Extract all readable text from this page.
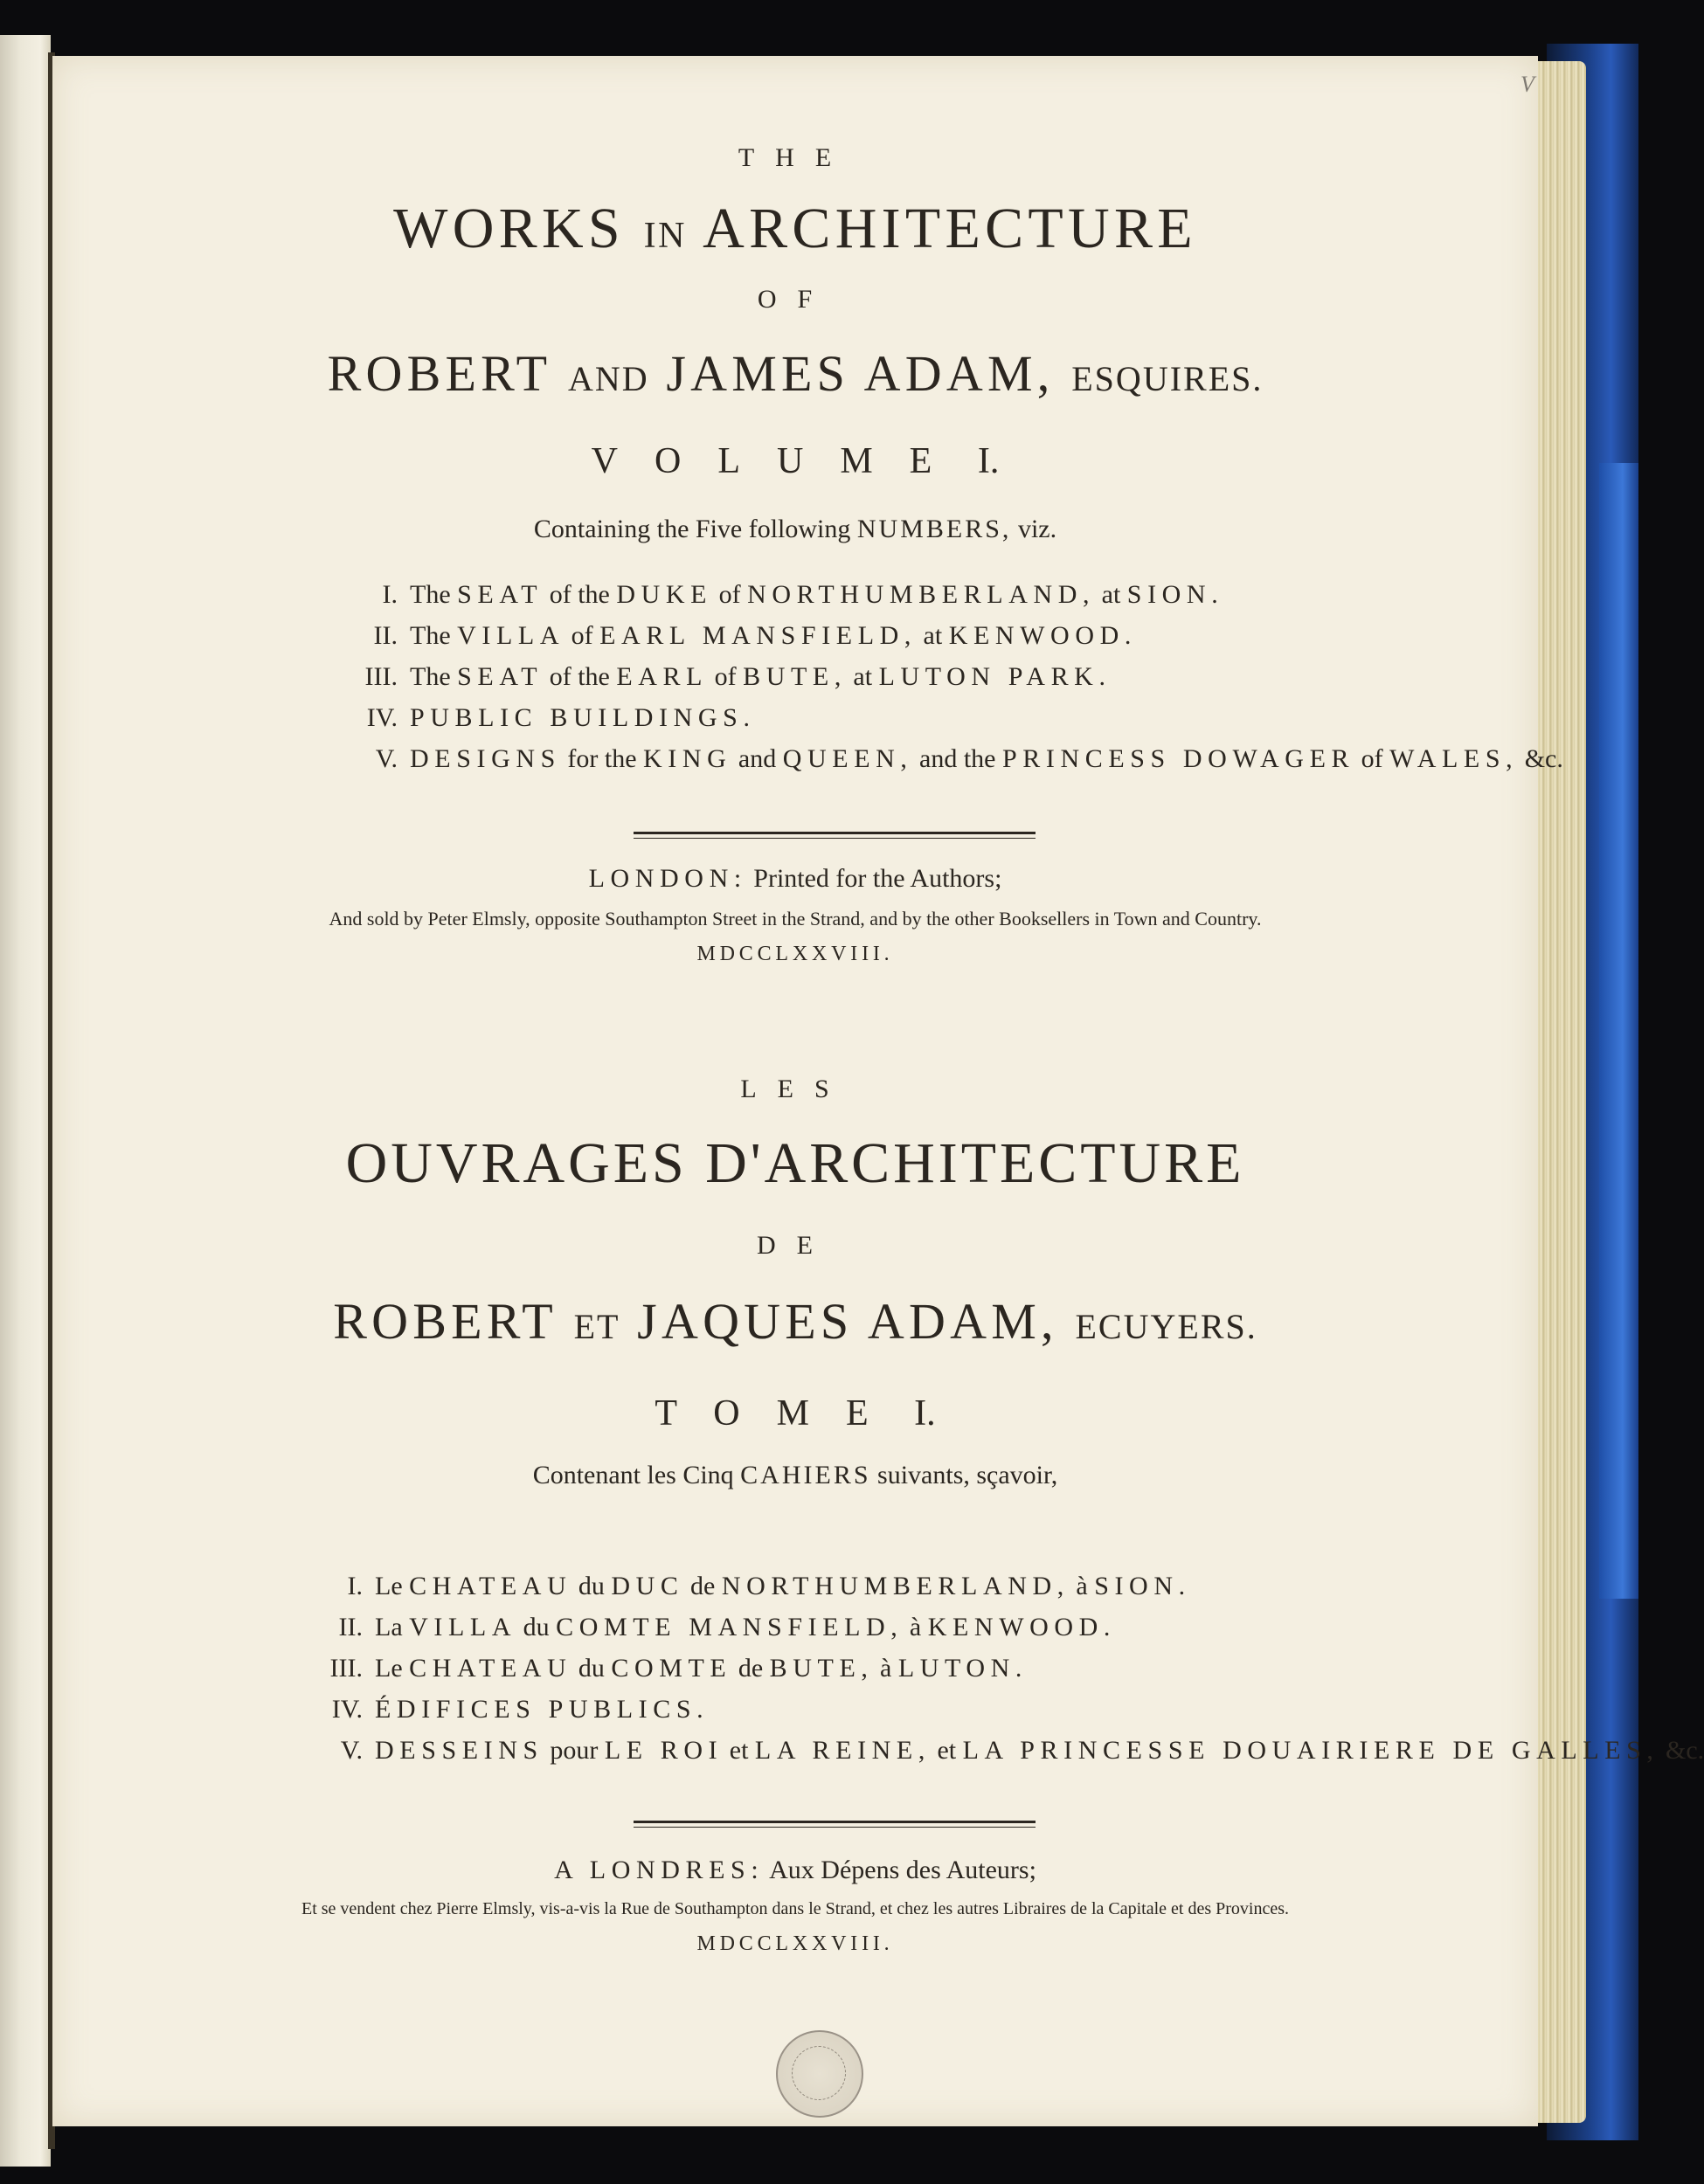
V
THE
WORKS IN ARCHITECTURE
OF
ROBERT AND JAMES ADAM, ESQUIRES.
VOLUME I.
Containing the Five following NUMBERS, viz.
I. The SEAT of the DUKE of NORTHUMBERLAND, at SION.
II. The VILLA of EARL MANSFIELD, at KENWOOD.
III. The SEAT of the EARL of BUTE, at LUTON PARK.
IV. PUBLIC BUILDINGS.
V. DESIGNS for the KING and QUEEN, and the PRINCESS DOWAGER of WALES, &c.
LONDON: Printed for the Authors;
And sold by Peter Elmsly, opposite Southampton Street in the Strand, and by the other Booksellers in Town and Country.
MDCCLXXVIII.
LES
OUVRAGES D'ARCHITECTURE
DE
ROBERT ET JAQUES ADAM, ECUYERS.
TOME I.
Contenant les Cinq CAHIERS suivants, sçavoir,
I. Le CHATEAU du DUC de NORTHUMBERLAND, à SION.
II. La VILLA du COMTE MANSFIELD, à KENWOOD.
III. Le CHATEAU du COMTE de BUTE, à LUTON.
IV. ÉDIFICES PUBLICS.
V. DESSEINS pour LE ROI et LA REINE, et LA PRINCESSE DOUAIRIERE DE GALLES, &c.
A LONDRES: Aux Dépens des Auteurs;
Et se vendent chez Pierre Elmsly, vis-a-vis la Rue de Southampton dans le Strand, et chez les autres Libraires de la Capitale et des Provinces.
MDCCLXXVIII.
